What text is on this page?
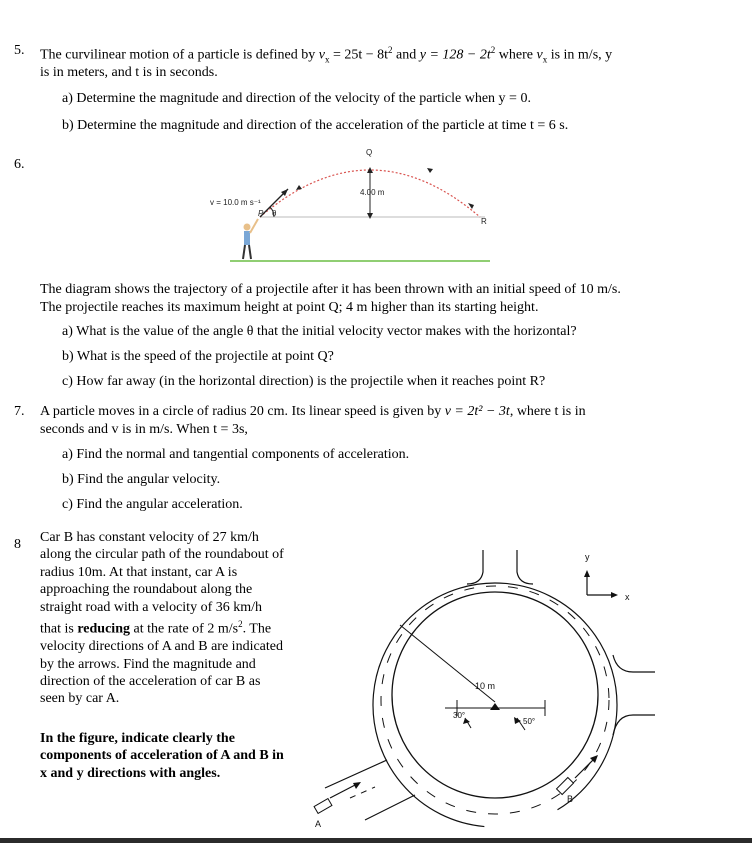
5. The curvilinear motion of a particle is defined by $v_x = 25t - 8t^2$ and $y = 128 - 2t^2$ where $v_x$ is in m/s, y
is in meters, and t is in seconds.
a) Determine the magnitude and direction of the velocity of the particle when y = 0.
b) Determine the magnitude and direction of the acceleration of the particle at time t = 6 s.
6.
v = 10.0 m s⁻¹
P θ
Q
4.00 m
R
The diagram shows the trajectory of a projectile after it has been thrown with an initial speed of 10 m/s.
The projectile reaches its maximum height at point Q; 4 m higher than its starting height.
a) What is the value of the angle θ that the initial velocity vector makes with the horizontal?
b) What is the speed of the projectile at point Q?
c) How far away (in the horizontal direction) is the projectile when it reaches point R?
7. A particle moves in a circle of radius 20 cm. Its linear speed is given by v = 2t² − 3t, where t is in
seconds and v is in m/s. When t = 3s,
a) Find the normal and tangential components of acceleration.
b) Find the angular velocity.
c) Find the angular acceleration.
8 Car B has constant velocity of 27 km/h along the circular path of the roundabout of radius 10m. At that instant, car A is approaching the roundabout along the straight road with a velocity of 36 km/h that is reducing at the rate of 2 $m/s^2$. The velocity directions of A and B are indicated by the arrows. Find the magnitude and direction of the acceleration of car B as seen by car A.
In the figure, indicate clearly the components of acceleration of A and B in x and y directions with angles.
y
x
10 m
30°
50°
A
B
